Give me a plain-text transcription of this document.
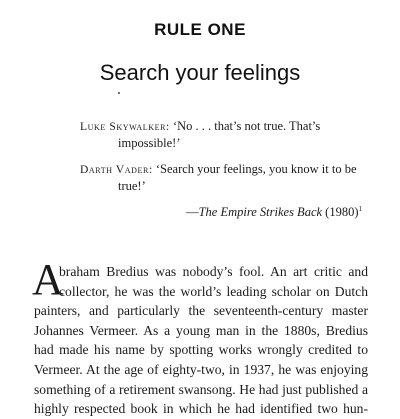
RULE ONE
Search your feelings

Luke Skywalker: ‘No . . . that’s not true. That’s impossible!’

Darth Vader: ‘Search your feelings, you know it to be true!’

—The Empire Strikes Back $(1980)^1$

A
braham Bredius was nobody’s fool. An art critic and
collector, he was the world’s leading scholar on Dutch
painters, and particularly the seventeenth-century master
Johannes Vermeer. As a young man in the 1880s, Bredius
had made his name by spotting works wrongly credited to
Vermeer. At the age of eighty-two, in 1937, he was enjoying
something of a retirement swansong. He had just published a
highly respected book in which he had identified two hun-
